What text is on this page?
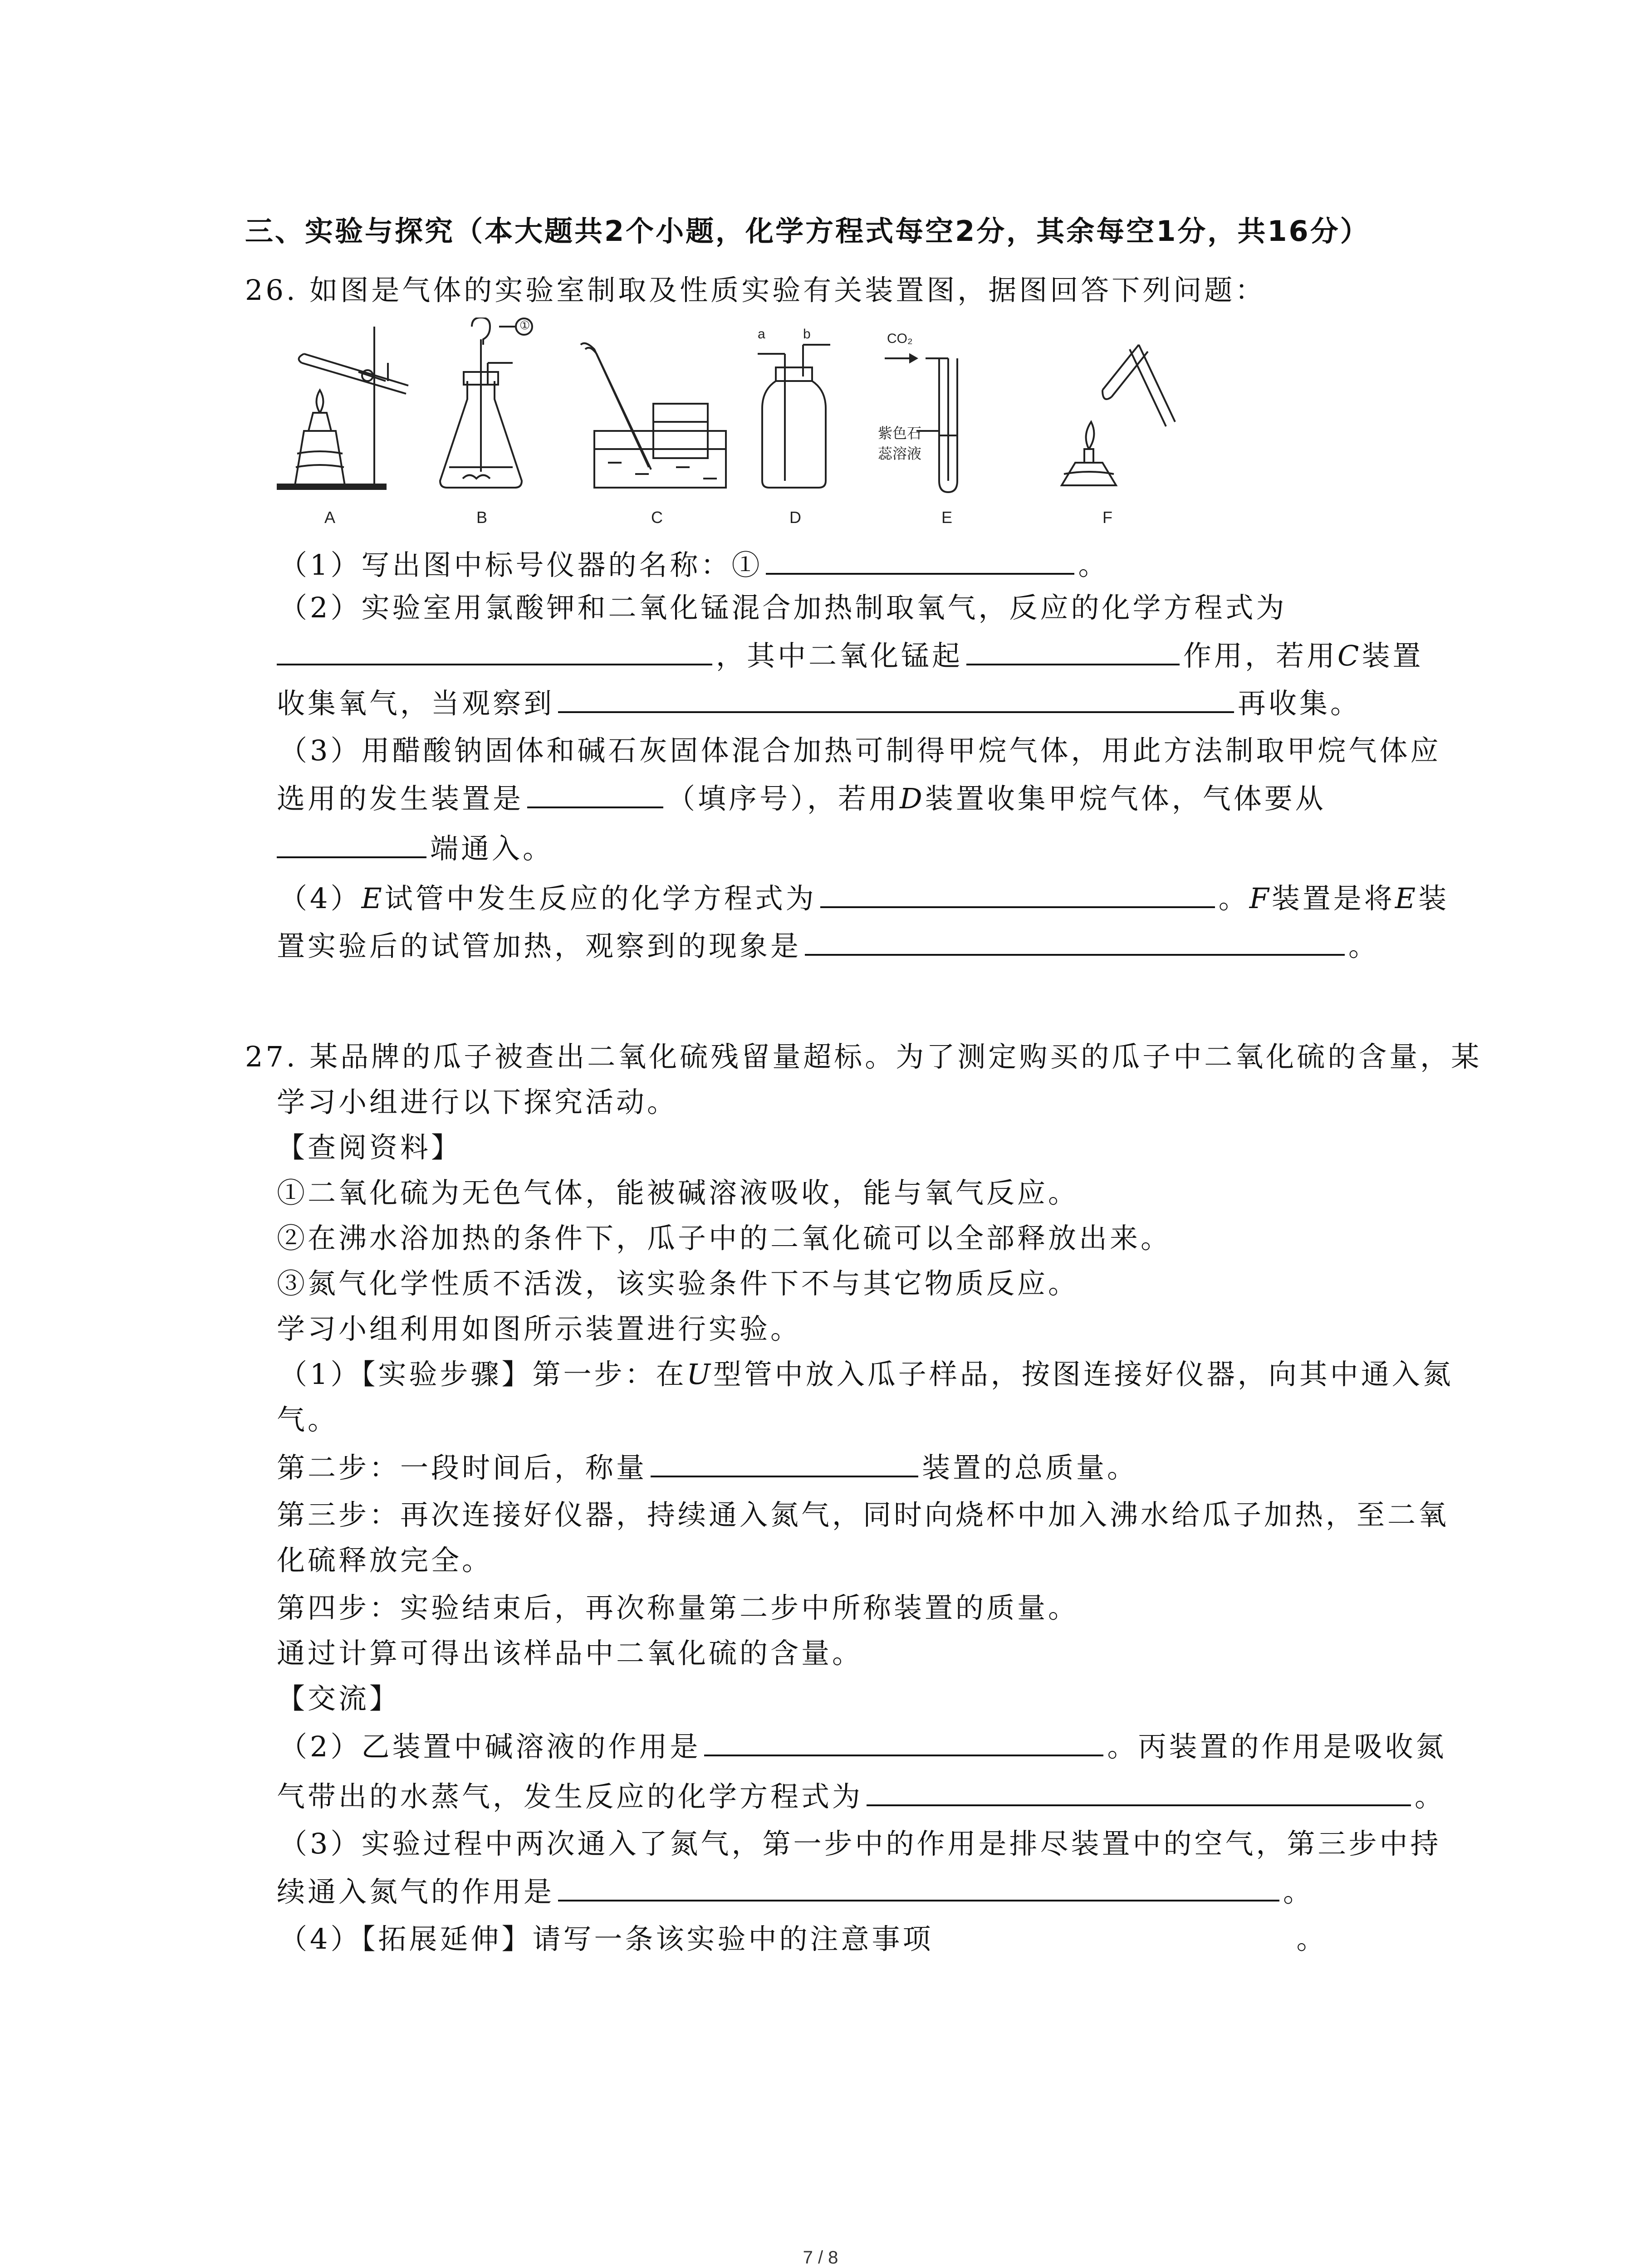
三、实验与探究（本大题共2个小题，化学方程式每空2分，其余每空1分，共16分）
26. 如图是气体的实验室制取及性质实验有关装置图，据图回答下列问题：
A	B	C	D	E	F
①
a	b	CO₂
紫色石
蕊溶液
（1）写出图中标号仪器的名称：①	。
（2）实验室用氯酸钾和二氧化锰混合加热制取氧气，反应的化学方程式为
，其中二氧化锰起	作用，若用C装置
收集氧气，当观察到	再收集。
（3）用醋酸钠固体和碱石灰固体混合加热可制得甲烷气体，用此方法制取甲烷气体应
选用的发生装置是	（填序号），若用D装置收集甲烷气体，气体要从
端通入。
（4）E试管中发生反应的化学方程式为	。F装置是将E装
置实验后的试管加热，观察到的现象是	。
27. 某品牌的瓜子被查出二氧化硫残留量超标。为了测定购买的瓜子中二氧化硫的含量，某
学习小组进行以下探究活动。
【查阅资料】
①二氧化硫为无色气体，能被碱溶液吸收，能与氧气反应。
②在沸水浴加热的条件下，瓜子中的二氧化硫可以全部释放出来。
③氮气化学性质不活泼，该实验条件下不与其它物质反应。
学习小组利用如图所示装置进行实验。
（1）【实验步骤】第一步：在U型管中放入瓜子样品，按图连接好仪器，向其中通入氮
气。
第二步：一段时间后，称量	装置的总质量。
第三步：再次连接好仪器，持续通入氮气，同时向烧杯中加入沸水给瓜子加热，至二氧
化硫释放完全。
第四步：实验结束后，再次称量第二步中所称装置的质量。
通过计算可得出该样品中二氧化硫的含量。
【交流】
（2）乙装置中碱溶液的作用是	。丙装置的作用是吸收氮
气带出的水蒸气，发生反应的化学方程式为	。
（3）实验过程中两次通入了氮气，第一步中的作用是排尽装置中的空气，第三步中持
续通入氮气的作用是	。
（4）【拓展延伸】请写一条该实验中的注意事项	。
7 / 8
